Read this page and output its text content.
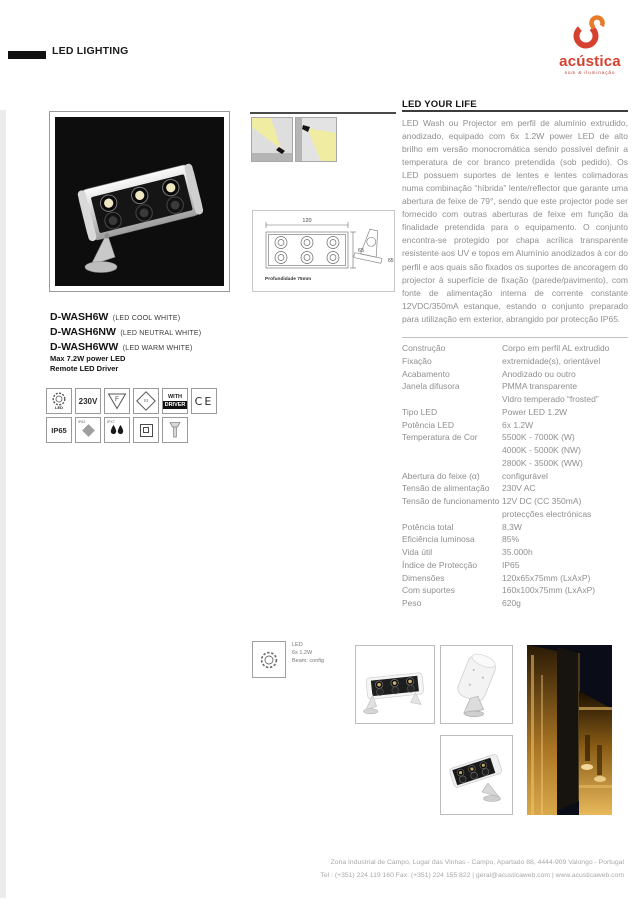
LED LIGHTING
acústica
som & iluminação
120
65
Profundidade 75mm
65
D-WASH6W (LED COOL WHITE)
D-WASH6NW (LED NEUTRAL WHITE)
D-WASH6WW (LED WARM WHITE)
Max 7.2W power LED
Remote LED Driver
LED
230V	F	III
WITH
DRIVER CE
IP65
IP63	IPX7
LED YOUR LIFE
LED Wash ou Projector em perfil de alumínio extrudido, anodizado, equipado com 6x 1.2W power LED de alto brilho em versão monocromática sendo possível definir a temperatura de cor branco pretendida (sob pedido). Os LED possuem suportes de lentes e lentes colimadoras numa combinação “híbrida” lente/reflector que garante uma abertura de feixe de 79°, sendo que este projector pode ser fornecido com outras aberturas de feixe em função da finalidade pretendida para o equipamento. O conjunto encontra-se protegido por chapa acrílica transparente resistente aos UV e topos em Alumínio anodizados à cor do perfil e aos quais são fixados os suportes de ancoragem do projector à superfície de fixação (parede/pavimento), com fonte de alimentação interna de corrente constante 12VDC/350mA estanque, estando o conjunto preparado para utilização em exterior, abrangido por protecção IP65.
Construção	Corpo em perfil AL extrudido
Fixação	extremidade(s), orientável
Acabamento	Anodizado ou outro
Janela difusora	PMMA transparente
Vidro temperado “frosted”
Tipo LED	Power LED 1.2W
Potência LED	6x 1.2W
Temperatura de Cor	5500K - 7000K (W)
4000K - 5000K (NW)
2800K - 3500K (WW)
Abertura do feixe (α)	configurável
Tensão de alimentação	230V AC
Tensão de funcionamento 12V DC (CC 350mA)
protecções electrónicas
Potência total	8,3W
Eficiência luminosa	85%
Vida útil	35.000h
Índice de Protecção	IP65
Dimensões	120x65x75mm (LxAxP)
Com suportes	160x100x75mm (LxAxP)
Peso	620g
LED
6x 1.2W
Beam: config
Zona Industrial de Campo, Lugar das Vinhas - Campo, Apartado 88, 4444-909 Valongo - Portugal
Tel : (+351) 224 119 160 Fax: (+351) 224 155 822 | geral@acusticaweb.com | www.acusticaweb.com
